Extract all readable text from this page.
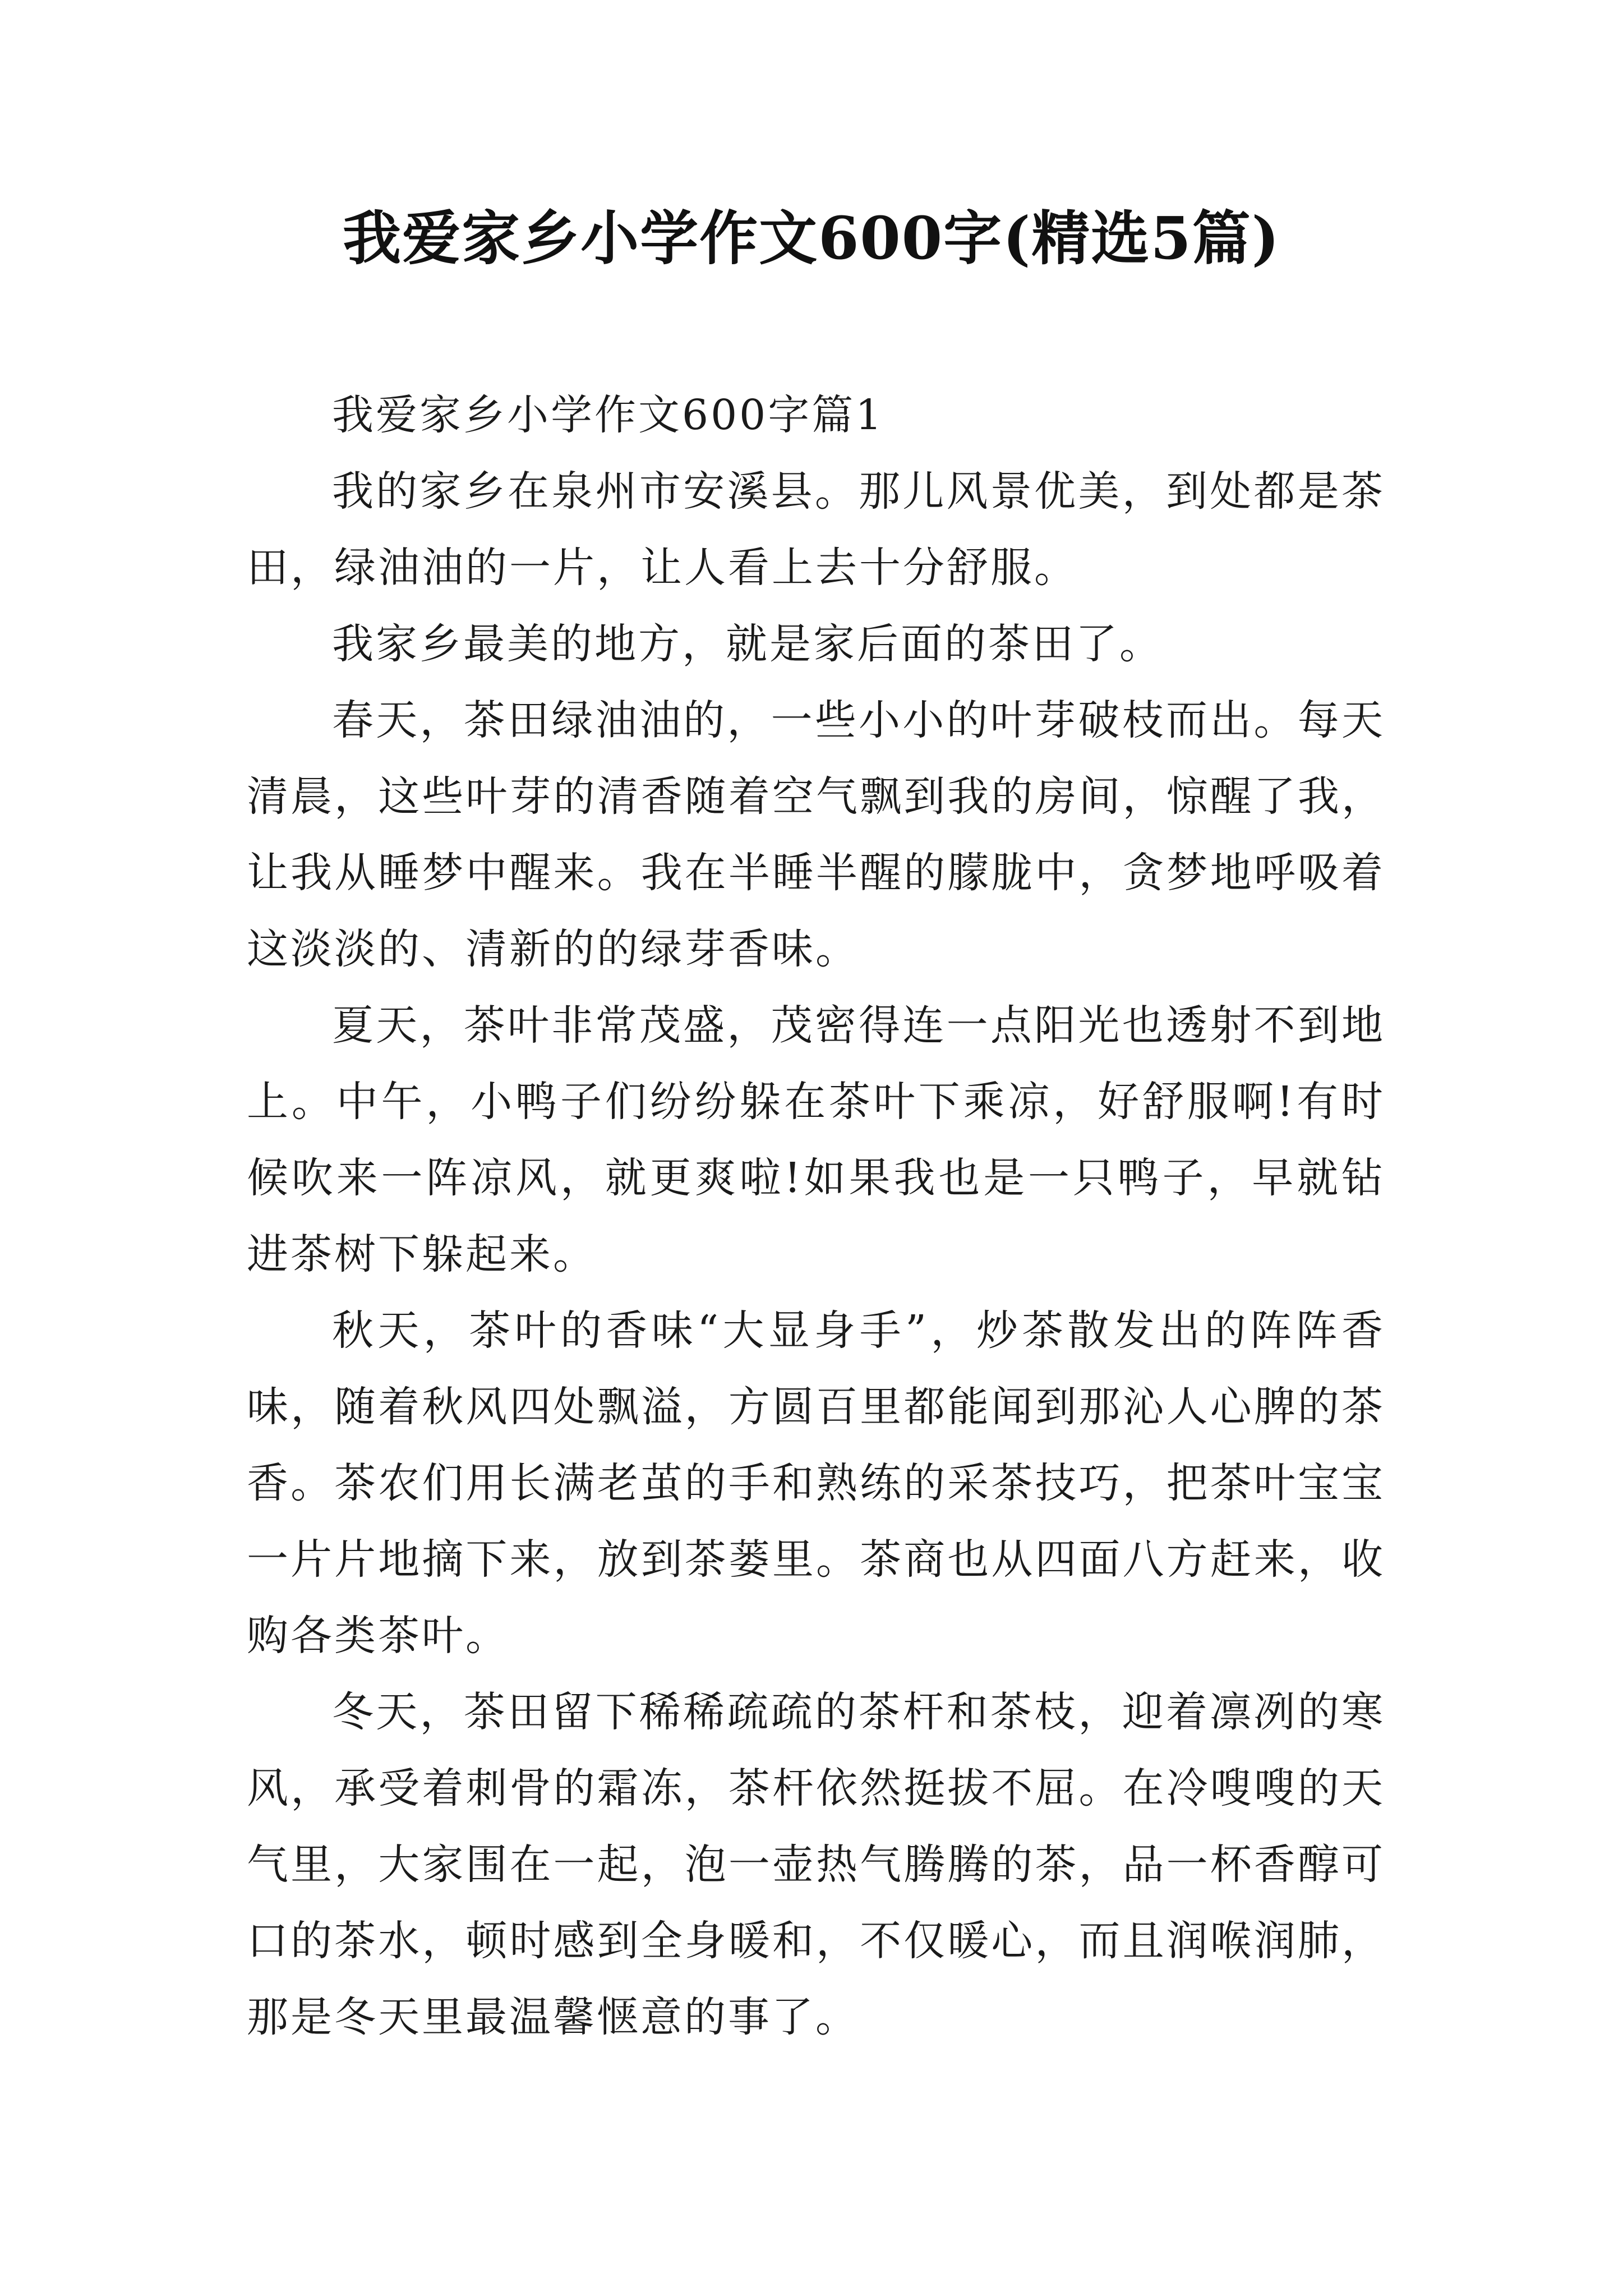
我爱家乡小学作文600字(精选5篇)

我爱家乡小学作文600字篇1

我的家乡在泉州市安溪县。那儿风景优美，到处都是茶田，绿油油的一片，让人看上去十分舒服。

我家乡最美的地方，就是家后面的茶田了。

春天，茶田绿油油的，一些小小的叶芽破枝而出。每天清晨，这些叶芽的清香随着空气飘到我的房间，惊醒了我，让我从睡梦中醒来。我在半睡半醒的朦胧中，贪梦地呼吸着这淡淡的、清新的的绿芽香味。

夏天，茶叶非常茂盛，茂密得连一点阳光也透射不到地上。中午，小鸭子们纷纷躲在茶叶下乘凉，好舒服啊!有时候吹来一阵凉风，就更爽啦!如果我也是一只鸭子，早就钻进茶树下躲起来。

秋天，茶叶的香味“大显身手”，炒茶散发出的阵阵香味，随着秋风四处飘溢，方圆百里都能闻到那沁人心脾的茶香。茶农们用长满老茧的手和熟练的采茶技巧，把茶叶宝宝一片片地摘下来，放到茶蒌里。茶商也从四面八方赶来，收购各类茶叶。

冬天，茶田留下稀稀疏疏的茶杆和茶枝，迎着凛冽的寒风，承受着刺骨的霜冻，茶杆依然挺拔不屈。在冷嗖嗖的天气里，大家围在一起，泡一壶热气腾腾的茶，品一杯香醇可口的茶水，顿时感到全身暖和，不仅暖心，而且润喉润肺，那是冬天里最温馨惬意的事了。
